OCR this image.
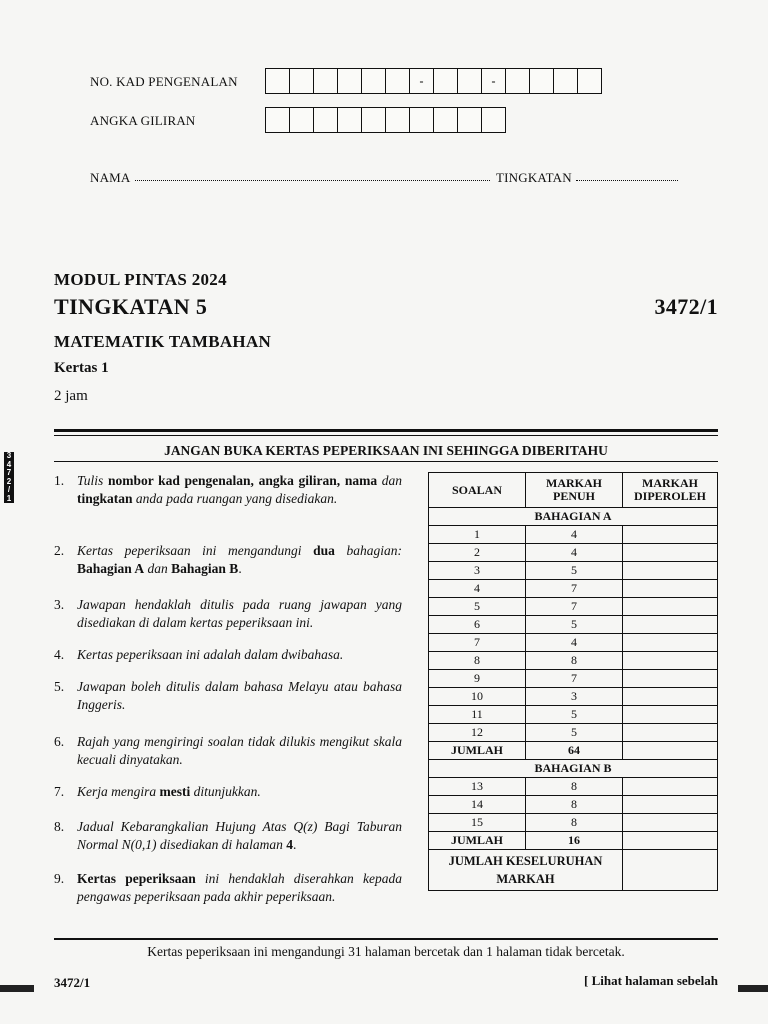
NO. KAD PENGENALAN	-	-
ANGKA GILIRAN
NAMA	TINGKATAN
MODUL PINTAS 2024
TINGKATAN 5	3472/1
MATEMATIK TAMBAHAN
Kertas 1
2 jam
JANGAN BUKA KERTAS PEPERIKSAAN INI SEHINGGA DIBERITAHU
3
4
7
2
/
1
1. Tulis nombor kad pengenalan, angka giliran, nama dan tingkatan anda pada ruangan yang disediakan.
2. Kertas peperiksaan ini mengandungi dua bahagian: Bahagian A dan Bahagian B.
3. Jawapan hendaklah ditulis pada ruang jawapan yang disediakan di dalam kertas peperiksaan ini.
4. Kertas peperiksaan ini adalah dalam dwibahasa.
5. Jawapan boleh ditulis dalam bahasa Melayu atau bahasa Inggeris.
6. Rajah yang mengiringi soalan tidak dilukis mengikut skala kecuali dinyatakan.
7. Kerja mengira mesti ditunjukkan.
8. Jadual Kebarangkalian Hujung Atas Q(z) Bagi Taburan Normal N(0,1) disediakan di halaman 4.
9. Kertas peperiksaan ini hendaklah diserahkan kepada pengawas peperiksaan pada akhir peperiksaan.
SOALAN	MARKAH PENUH	MARKAH DIPEROLEH
BAHAGIAN A		
1	4	
2	4	
3	5	
4	7	
5	7	
6	5	
7	4	
8	8	
9	7	
10	3	
11	5	
12	5	
JUMLAH	64	
BAHAGIAN B		
13	8	
14	8	
15	8	
JUMLAH	16	
JUMLAH KESELURUHAN MARKAH		
Kertas peperiksaan ini mengandungi 31 halaman bercetak dan 1 halaman tidak bercetak.
3472/1	[ Lihat halaman sebelah
